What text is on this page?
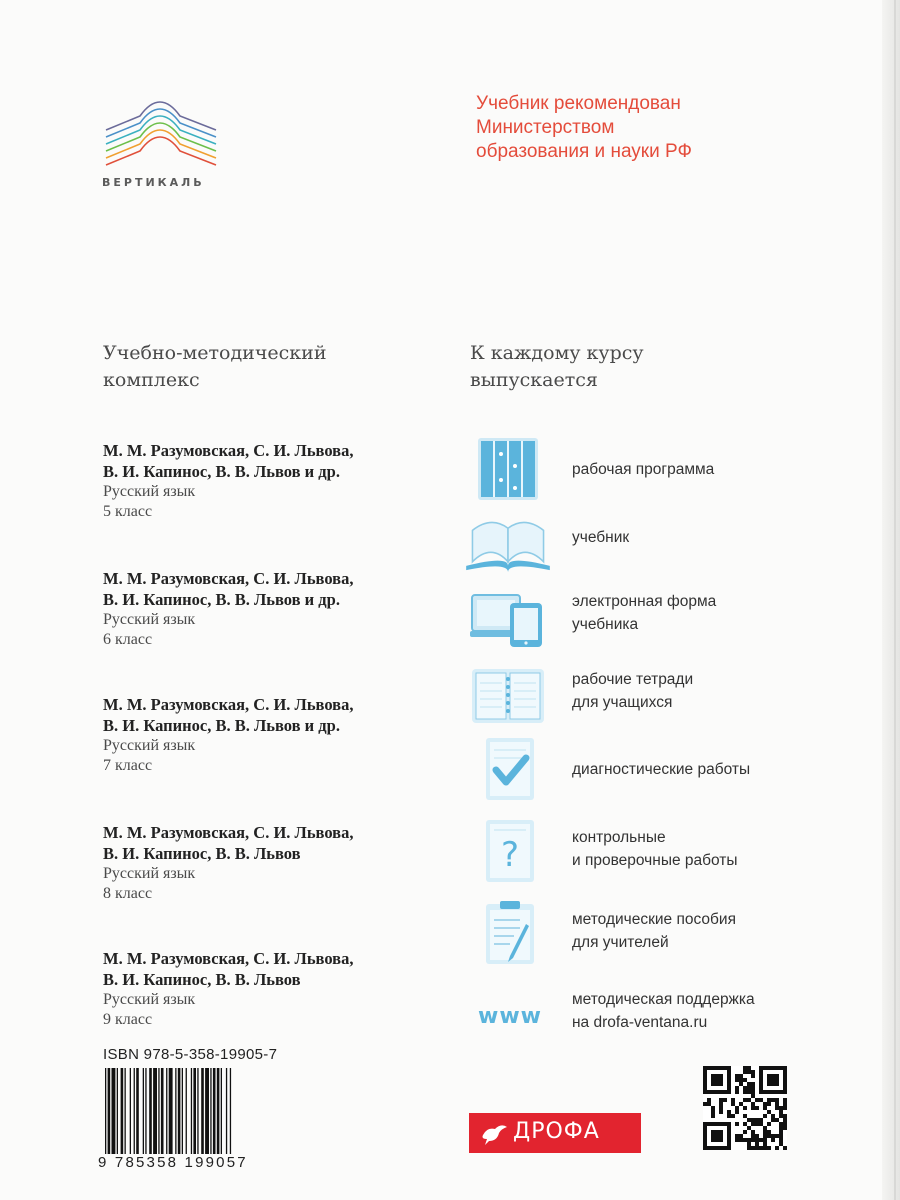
ВЕРТИКАЛЬ
Учебник рекомендован
Министерством
образования и науки РФ
Учебно-методический
комплекс
К каждому курсу
выпускается
М. М. Разумовская, С. И. Львова,
В. И. Капинос, В. В. Львов и др.
Русский язык
5 класс
М. М. Разумовская, С. И. Львова,
В. И. Капинос, В. В. Львов и др.
Русский язык
6 класс
М. М. Разумовская, С. И. Львова,
В. И. Капинос, В. В. Львов и др.
Русский язык
7 класс
М. М. Разумовская, С. И. Львова,
В. И. Капинос, В. В. Львов
Русский язык
8 класс
М. М. Разумовская, С. И. Львова,
В. И. Капинос, В. В. Львов
Русский язык
9 класс
рабочая программа
учебник
электронная форма
учебника
рабочие тетради
для учащихся
диагностические работы
?	контрольные
и проверочные работы
методические пособия
для учителей
www
методическая поддержка
на drofa-ventana.ru
ISBN 978-5-358-19905-7
9 785358 199057
ДРОФА
